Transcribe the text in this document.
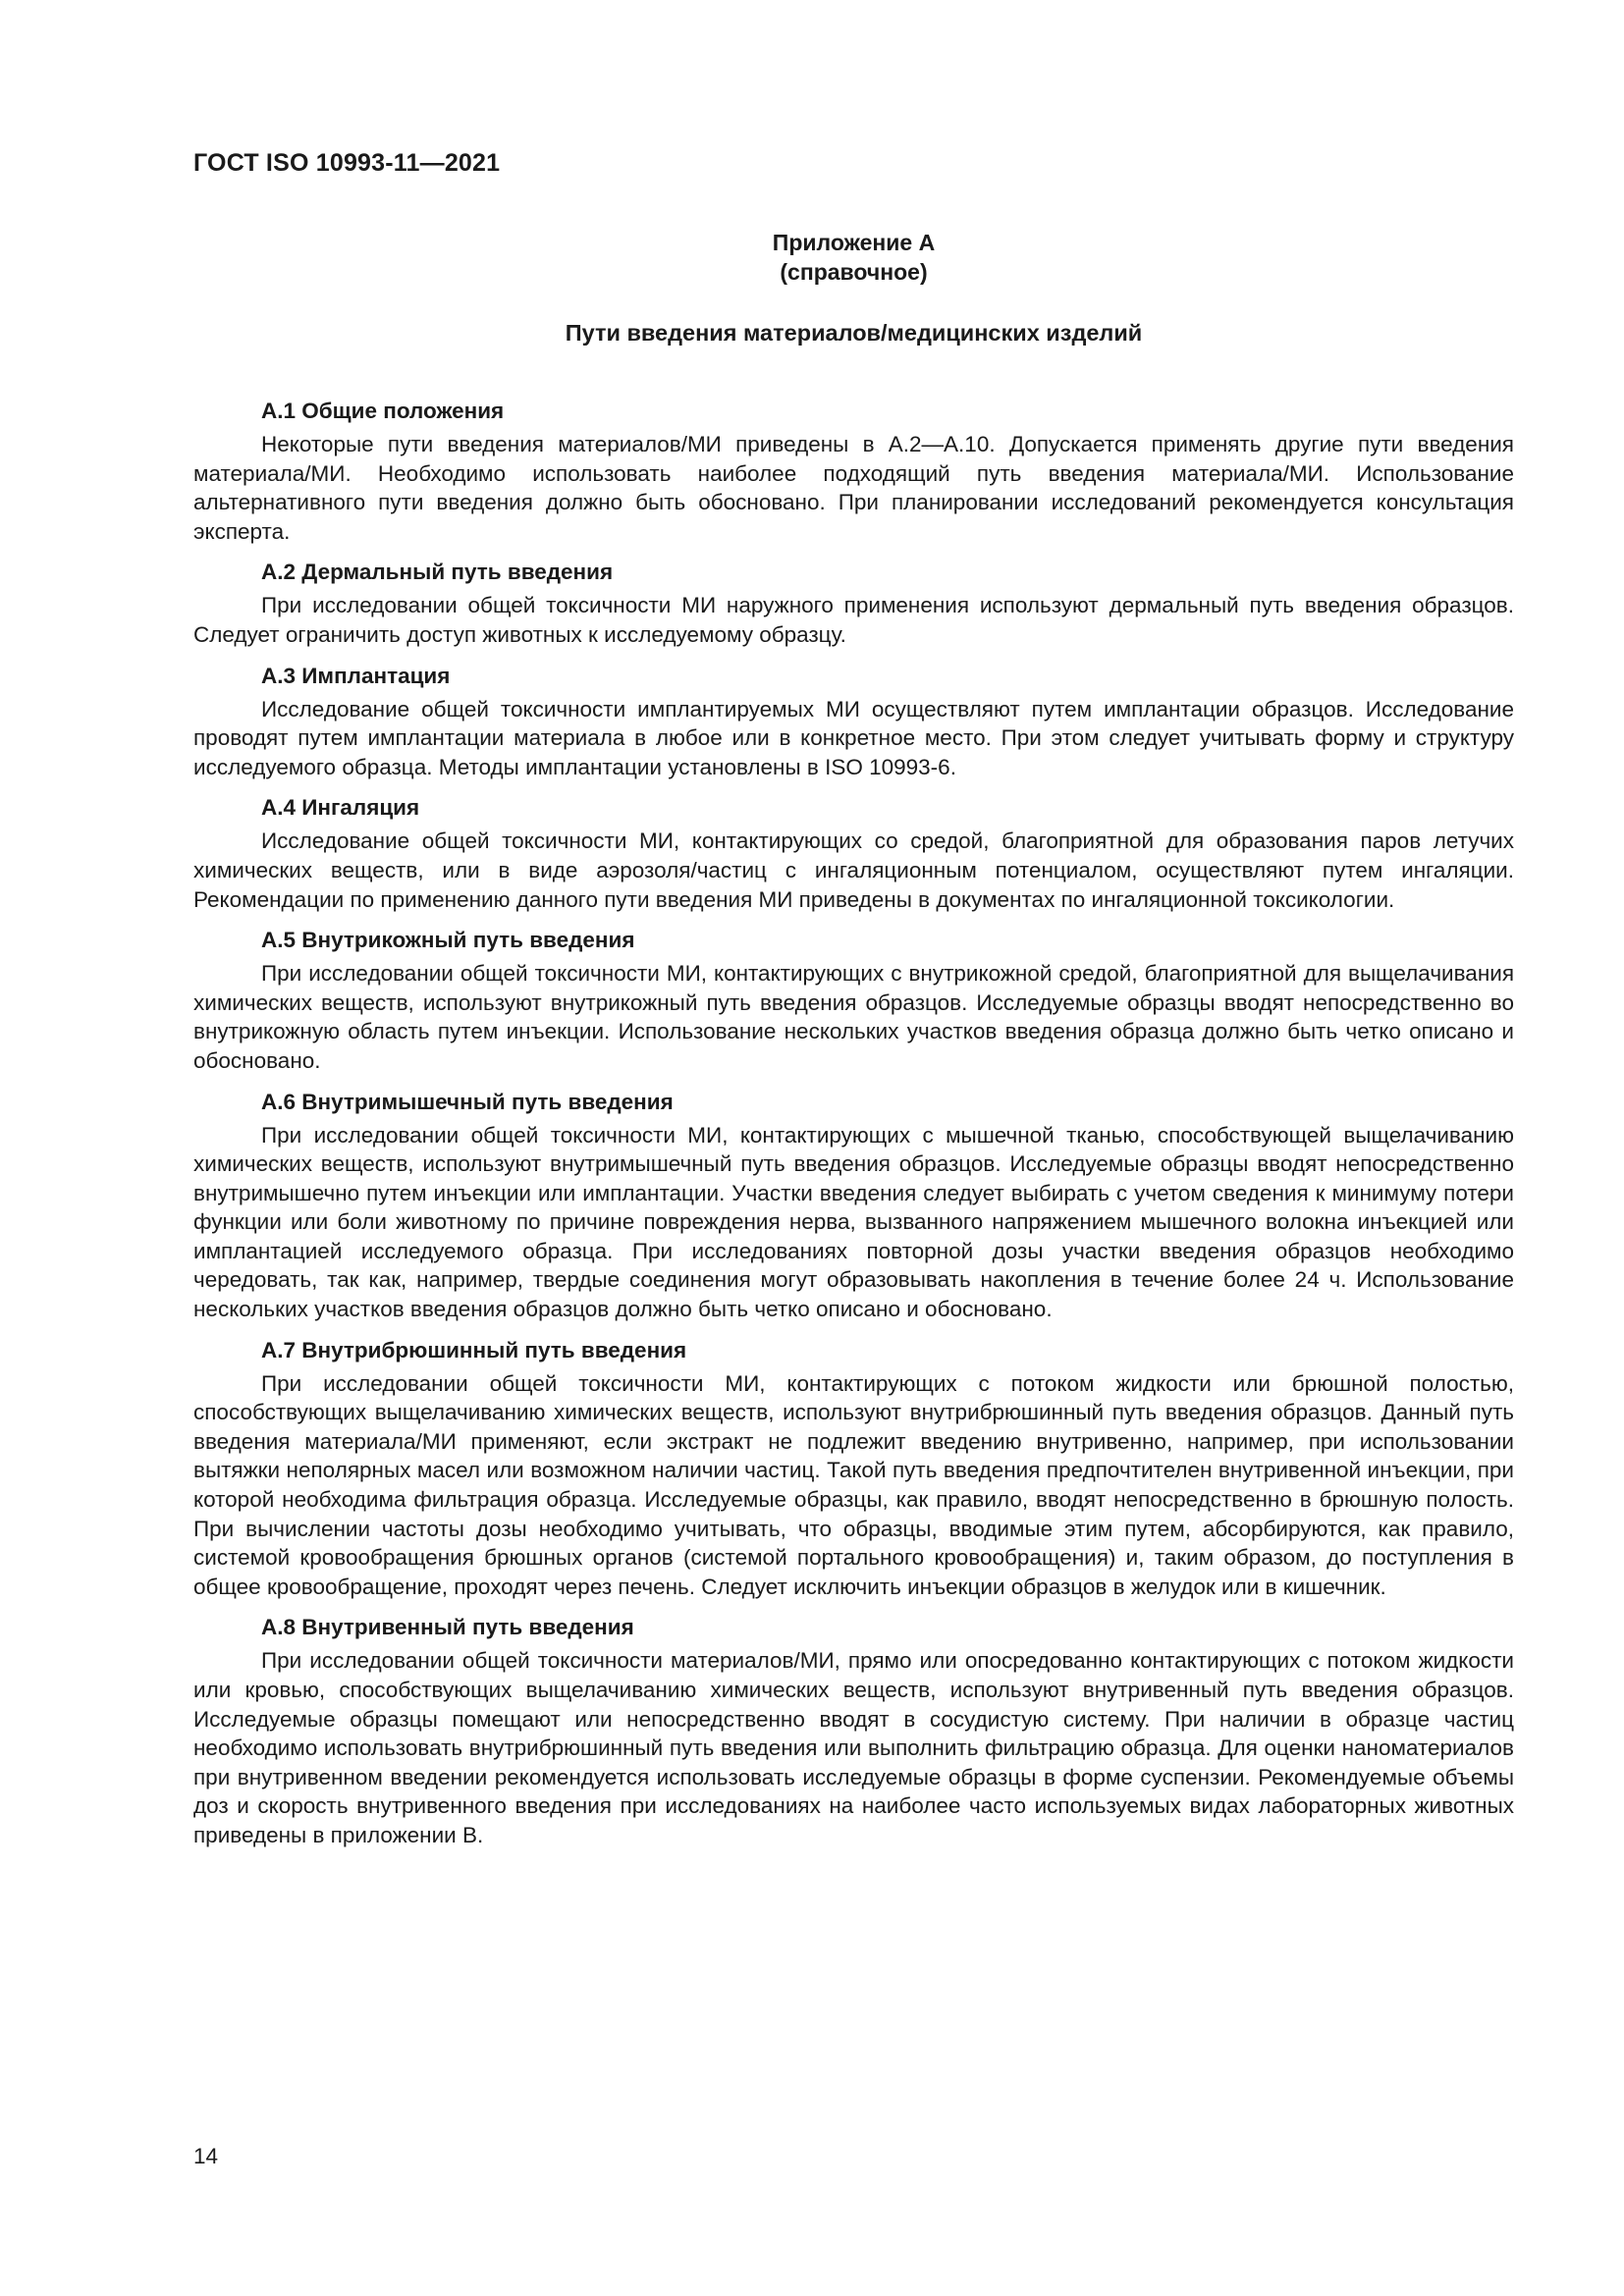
ГОСТ ISO 10993-11—2021
Приложение А
(справочное)
Пути введения материалов/медицинских изделий

А.1 Общие положения

Некоторые пути введения материалов/МИ приведены в А.2—А.10. Допускается применять другие пути введения материала/МИ. Необходимо использовать наиболее подходящий путь введения материала/МИ. Использование альтернативного пути введения должно быть обосновано. При планировании исследований рекомендуется консультация эксперта.

А.2 Дермальный путь введения

При исследовании общей токсичности МИ наружного применения используют дермальный путь введения образцов. Следует ограничить доступ животных к исследуемому образцу.

А.3 Имплантация

Исследование общей токсичности имплантируемых МИ осуществляют путем имплантации образцов. Исследование проводят путем имплантации материала в любое или в конкретное место. При этом следует учитывать форму и структуру исследуемого образца. Методы имплантации установлены в ISO 10993-6.

А.4 Ингаляция

Исследование общей токсичности МИ, контактирующих со средой, благоприятной для образования паров летучих химических веществ, или в виде аэрозоля/частиц с ингаляционным потенциалом, осуществляют путем ингаляции. Рекомендации по применению данного пути введения МИ приведены в документах по ингаляционной токсикологии.

А.5 Внутрикожный путь введения

При исследовании общей токсичности МИ, контактирующих с внутрикожной средой, благоприятной для выщелачивания химических веществ, используют внутрикожный путь введения образцов. Исследуемые образцы вводят непосредственно во внутрикожную область путем инъекции. Использование нескольких участков введения образца должно быть четко описано и обосновано.

А.6 Внутримышечный путь введения

При исследовании общей токсичности МИ, контактирующих с мышечной тканью, способствующей выщелачиванию химических веществ, используют внутримышечный путь введения образцов. Исследуемые образцы вводят непосредственно внутримышечно путем инъекции или имплантации. Участки введения следует выбирать с учетом сведения к минимуму потери функции или боли животному по причине повреждения нерва, вызванного напряжением мышечного волокна инъекцией или имплантацией исследуемого образца. При исследованиях повторной дозы участки введения образцов необходимо чередовать, так как, например, твердые соединения могут образовывать накопления в течение более 24 ч. Использование нескольких участков введения образцов должно быть четко описано и обосновано.

А.7 Внутрибрюшинный путь введения

При исследовании общей токсичности МИ, контактирующих с потоком жидкости или брюшной полостью, способствующих выщелачиванию химических веществ, используют внутрибрюшинный путь введения образцов. Данный путь введения материала/МИ применяют, если экстракт не подлежит введению внутривенно, например, при использовании вытяжки неполярных масел или возможном наличии частиц. Такой путь введения предпочтителен внутривенной инъекции, при которой необходима фильтрация образца. Исследуемые образцы, как правило, вводят непосредственно в брюшную полость. При вычислении частоты дозы необходимо учитывать, что образцы, вводимые этим путем, абсорбируются, как правило, системой кровообращения брюшных органов (системой портального кровообращения) и, таким образом, до поступления в общее кровообращение, проходят через печень. Следует исключить инъекции образцов в желудок или в кишечник.

А.8 Внутривенный путь введения

При исследовании общей токсичности материалов/МИ, прямо или опосредованно контактирующих с потоком жидкости или кровью, способствующих выщелачиванию химических веществ, используют внутривенный путь введения образцов. Исследуемые образцы помещают или непосредственно вводят в сосудистую систему. При наличии в образце частиц необходимо использовать внутрибрюшинный путь введения или выполнить фильтрацию образца. Для оценки наноматериалов при внутривенном введении рекомендуется использовать исследуемые образцы в форме суспензии. Рекомендуемые объемы доз и скорость внутривенного введения при исследованиях на наиболее часто используемых видах лабораторных животных приведены в приложении В.

14
